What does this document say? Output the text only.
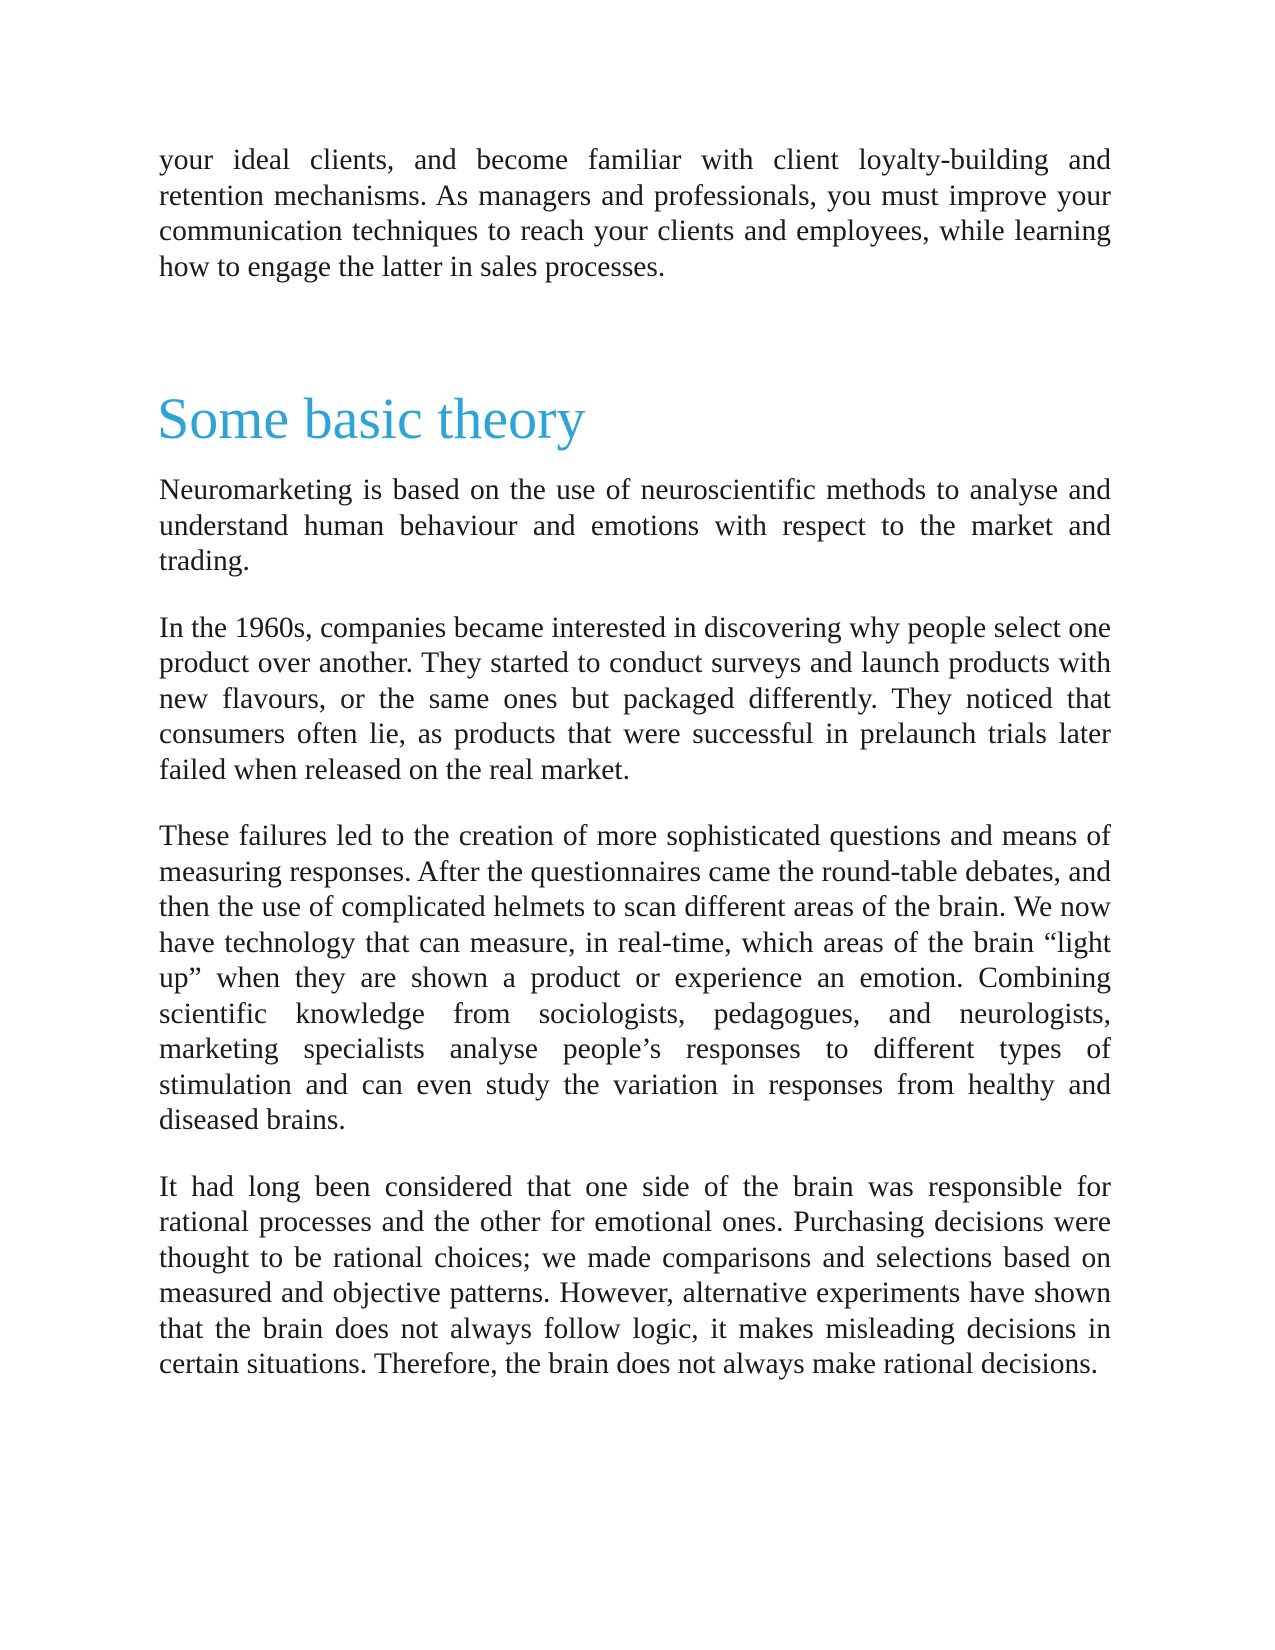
your ideal clients, and become familiar with client loyalty-building and retention mechanisms. As managers and professionals, you must improve your communication techniques to reach your clients and employees, while learning how to engage the latter in sales processes.

Some basic theory

Neuromarketing is based on the use of neuroscientific methods to analyse and understand human behaviour and emotions with respect to the market and trading.

In the 1960s, companies became interested in discovering why people select one product over another. They started to conduct surveys and launch products with new flavours, or the same ones but packaged differently. They noticed that consumers often lie, as products that were successful in prelaunch trials later failed when released on the real market.

These failures led to the creation of more sophisticated questions and means of measuring responses. After the questionnaires came the round-table debates, and then the use of complicated helmets to scan different areas of the brain. We now have technology that can measure, in real-time, which areas of the brain “light up” when they are shown a product or experience an emotion. Combining scientific knowledge from sociologists, pedagogues, and neurologists, marketing specialists analyse people’s responses to different types of stimulation and can even study the variation in responses from healthy and diseased brains.

It had long been considered that one side of the brain was responsible for rational processes and the other for emotional ones. Purchasing decisions were thought to be rational choices; we made comparisons and selections based on measured and objective patterns. However, alternative experiments have shown that the brain does not always follow logic, it makes misleading decisions in certain situations. Therefore, the brain does not always make rational decisions.
